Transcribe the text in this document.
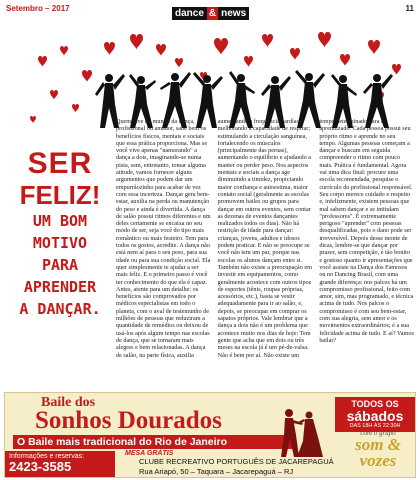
Setembro – 2017	dance & news	11
SER
FELIZ!
UM BOM
MOTIVO
PARA
APRENDER
A DANÇAR.
Quem vive no mundo da dança, profissional ou amador, sabe bem os benefícios físicos, mentais e sociais que essa prática proporciona. Mas se você vive apenas "namorando" a dança a dois, imaginando-se numa pista, sem, entretanto, tomar alguma atitude, vamos fornecer alguns argumentos que podem dar um empurrãozinho para acabar de vez com essa incerteza. Dançar gera bem-estar, auxilia na perda ou manutenção do peso e ainda é divertida. A dança de salão possui ritmos diferentes e um deles certamente se encaixa no seu modo de ser, seja você do tipo mais romântico ou mais festeiro. Tem para todos os gostos, acredite. A dança não está nem aí para o seu peso, para sua idade ou para sua condição social. Ela quer simplesmente te ajudar a ser mais feliz. E o primeiro passo é você ter conhecimento do que ela é capaz. Antes, atente para um detalhe: os benefícios são comprovados por médicos especialistas em todo o planeta, com o aval de testemunho de milhões de pessoas que reduziram a quantidade de remédios ou deixou de usá-los após algum tempo nas escolas de dança, que se tornaram mais alegres e bem relacionadas. A dança de salão, na parte física, auxilia aumentando a frequência cardíaca, melhorando a capacidade de respirar; estimulando a circulação sanguínea, fortalecendo os músculos (principalmente das pernas), aumentando o equilíbrio e ajudando a manter ou perder peso. Nos aspectos mentais e sociais a dança age diminuindo a timidez, propiciando maior confiança e autoestima, maior contato social (geralmente as escolas promovem bailes ou grupos para dançar em outros eventos, sem contar as dezenas de eventos dançantes realizados todos os dias). Não há restrição de idade para dançar: crianças, jovens, adultos e idosos podem praticar. E não se preocupe se você não tem um par, porque nas escolas os alunos dançam entre si. Também não existe a preocupação em investir em equipamentos, como geralmente acontece com outros tipos de esportes (tênis, roupas próprias, acessórios, etc.), basta se vestir adequadamente para ir ao salão, e, depois, se preocupar em comprar os sapatos próprios. Vale lembrar que a dança a dois não é um problema que acontece muito nos dias de hoje: Tem gente que acha que em dois ou três meses na escola já é um pé-de-valsa. Não é bem por aí. Não existe um tempo determinado para o aprendizado. Cada pessoa possui seu próprio ritmo e aprende no seu tempo. Algumas pessoas começam a dançar e buscam em seguida compreender o ritmo com pouco mais. Prática é fundamental. Agora vai uma dica final: procure uma escola recomendada, pesquise o currículo do profissional responsável. Seu corpo merece cuidado e respeito e, infelizmente, existem pessoas que mal sabem dançar e se intitulam "professores". É extremamente perigoso "aprender" com pessoas desqualificadas, pois o dano pode ser irreversível. Depois desse monte de dicas, lembre-se que dançar por prazer, sem competição, é tão bonito e gostoso quanto ir apresentações que você assiste na Dança dos Famosos ou no Dancing Brasil, com uma grande diferença: nos palcos há um compromisso profissional, feito com amor, sim, mas programado, e técnica acima de tudo. Nos palcos o compromisso é com seu bem-estar, com sua alegria, sem amor e os movimentos extraordinários; é a sua felicidade acima de tudo. E aí? Vamos bailar?
Baile dos
Sonhos Dourados
O Baile mais tradicional do Rio de Janeiro
Informações e reservas:
2423-3585
MESA GRÁTIS
CLUBE RECREATIVO PORTUGUÊS DE JACAREPAGUÁ
Rua Ariapó, 50 – Taquara – Jacarepaguá – RJ
TODOS OS
sábados
DAS 18H ÀS 22:30H
com o grupo
som & vozes
